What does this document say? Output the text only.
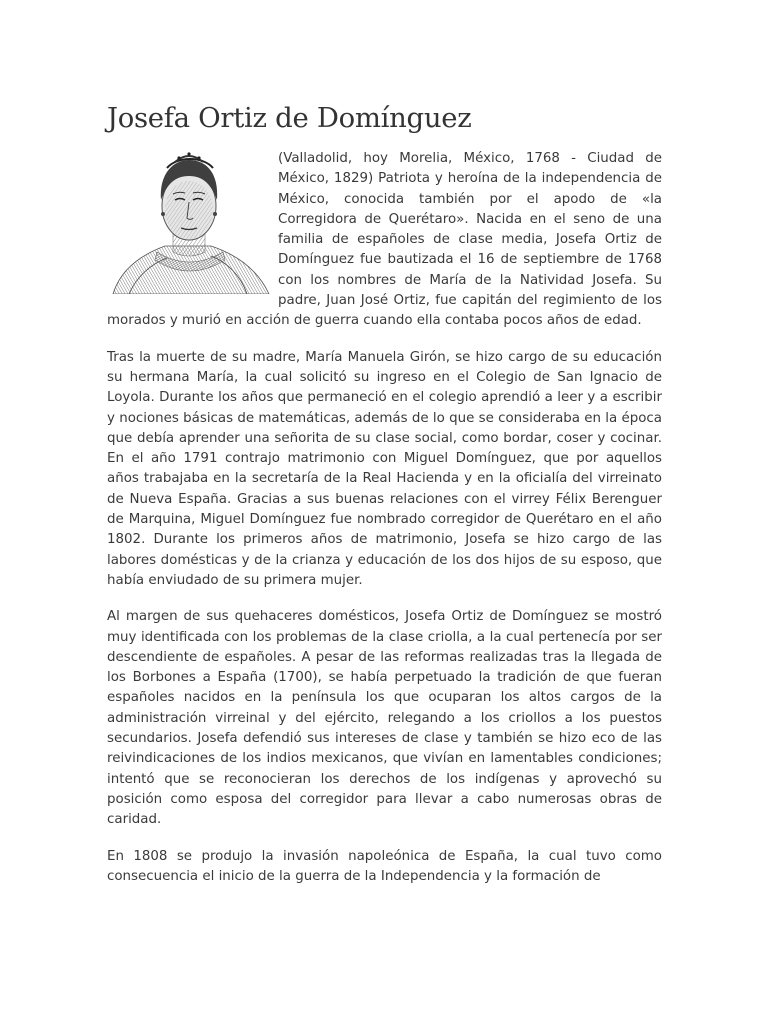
Josefa Ortiz de Domínguez

(Valladolid, hoy Morelia, México, 1768 - Ciudad de México, 1829) Patriota y heroína de la independencia de México, conocida también por el apodo de «la Corregidora de Querétaro». Nacida en el seno de una familia de españoles de clase media, Josefa Ortiz de Domínguez fue bautizada el 16 de septiembre de 1768 con los nombres de María de la Natividad Josefa. Su padre, Juan José Ortiz, fue capitán del regimiento de los morados y murió en acción de guerra cuando ella contaba pocos años de edad.

Tras la muerte de su madre, María Manuela Girón, se hizo cargo de su educación su hermana María, la cual solicitó su ingreso en el Colegio de San Ignacio de Loyola. Durante los años que permaneció en el colegio aprendió a leer y a escribir y nociones básicas de matemáticas, además de lo que se consideraba en la época que debía aprender una señorita de su clase social, como bordar, coser y cocinar. En el año 1791 contrajo matrimonio con Miguel Domínguez, que por aquellos años trabajaba en la secretaría de la Real Hacienda y en la oficialía del virreinato de Nueva España. Gracias a sus buenas relaciones con el virrey Félix Berenguer de Marquina, Miguel Domínguez fue nombrado corregidor de Querétaro en el año 1802. Durante los primeros años de matrimonio, Josefa se hizo cargo de las labores domésticas y de la crianza y educación de los dos hijos de su esposo, que había enviudado de su primera mujer.

Al margen de sus quehaceres domésticos, Josefa Ortiz de Domínguez se mostró muy identificada con los problemas de la clase criolla, a la cual pertenecía por ser descendiente de españoles. A pesar de las reformas realizadas tras la llegada de los Borbones a España (1700), se había perpetuado la tradición de que fueran españoles nacidos en la península los que ocuparan los altos cargos de la administración virreinal y del ejército, relegando a los criollos a los puestos secundarios. Josefa defendió sus intereses de clase y también se hizo eco de las reivindicaciones de los indios mexicanos, que vivían en lamentables condiciones; intentó que se reconocieran los derechos de los indígenas y aprovechó su posición como esposa del corregidor para llevar a cabo numerosas obras de caridad.

En 1808 se produjo la invasión napoleónica de España, la cual tuvo como consecuencia el inicio de la guerra de la Independencia y la formación de
